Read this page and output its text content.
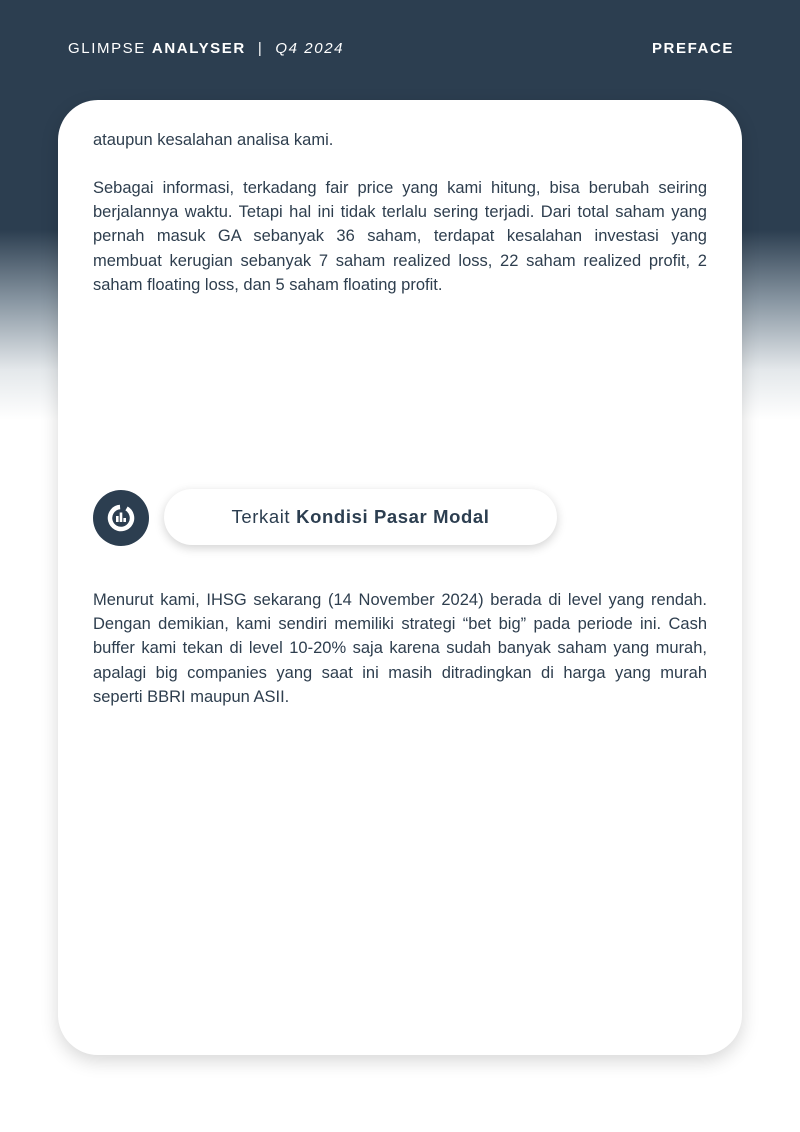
GLIMPSE ANALYSER | Q4 2024	PREFACE

ataupun kesalahan analisa kami.

Sebagai informasi, terkadang fair price yang kami hitung, bisa berubah seiring berjalannya waktu. Tetapi hal ini tidak terlalu sering terjadi. Dari total saham yang pernah masuk GA sebanyak 36 saham, terdapat kesalahan investasi yang membuat kerugian sebanyak 7 saham realized loss, 22 saham realized profit, 2 saham floating loss, dan 5 saham floating profit.

Terkait Kondisi Pasar Modal

Menurut kami, IHSG sekarang (14 November 2024) berada di level yang rendah. Dengan demikian, kami sendiri memiliki strategi “bet big” pada periode ini. Cash buffer kami tekan di level 10-20% saja karena sudah banyak saham yang murah, apalagi big companies yang saat ini masih ditradingkan di harga yang murah seperti BBRI maupun ASII.
